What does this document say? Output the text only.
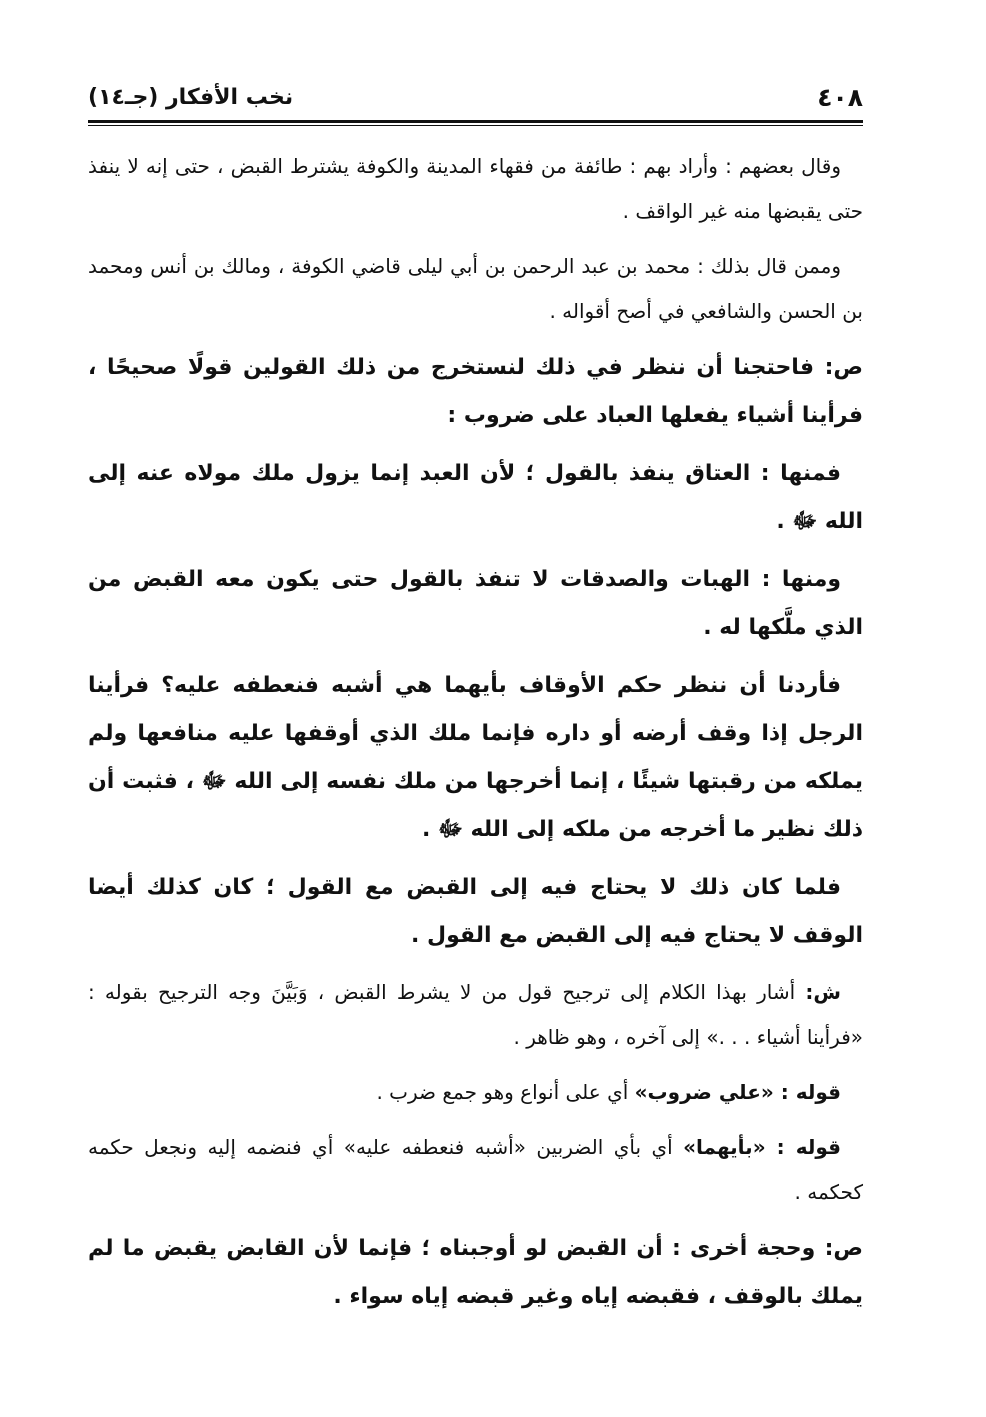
٤٠٨
نخب الأفكار (جـ١٤)

وقال بعضهم : وأراد بهم : طائفة من فقهاء المدينة والكوفة يشترط القبض ، حتى إنه لا ينفذ حتى يقبضها منه غير الواقف .

وممن قال بذلك : محمد بن عبد الرحمن بن أبي ليلى قاضي الكوفة ، ومالك بن أنس ومحمد بن الحسن والشافعي في أصح أقواله .

ص: فاحتجنا أن ننظر في ذلك لنستخرج من ذلك القولين قولًا صحيحًا ، فرأينا أشياء يفعلها العباد على ضروب :

فمنها : العتاق ينفذ بالقول ؛ لأن العبد إنما يزول ملك مولاه عنه إلى الله ﷻ .

ومنها : الهبات والصدقات لا تنفذ بالقول حتى يكون معه القبض من الذي ملَّكها له .

فأردنا أن ننظر حكم الأوقاف بأيهما هي أشبه فنعطفه عليه؟ فرأينا الرجل إذا وقف أرضه أو داره فإنما ملك الذي أوقفها عليه منافعها ولم يملكه من رقبتها شيئًا ، إنما أخرجها من ملك نفسه إلى الله ﷻ ، فثبت أن ذلك نظير ما أخرجه من ملكه إلى الله ﷻ .

فلما كان ذلك لا يحتاج فيه إلى القبض مع القول ؛ كان كذلك أيضا الوقف لا يحتاج فيه إلى القبض مع القول .

ش: أشار بهذا الكلام إلى ترجيح قول من لا يشرط القبض ، وَبَيَّنَ وجه الترجيح بقوله : «فرأينا أشياء . . .» إلى آخره ، وهو ظاهر .

قوله : «علي ضروب» أي على أنواع وهو جمع ضرب .

قوله : «بأيهما» أي بأي الضربين «أشبه فنعطفه عليه» أي فنضمه إليه ونجعل حكمه كحكمه .

ص: وحجة أخرى : أن القبض لو أوجبناه ؛ فإنما لأن القابض يقبض ما لم يملك بالوقف ، فقبضه إياه وغير قبضه إياه سواء .
